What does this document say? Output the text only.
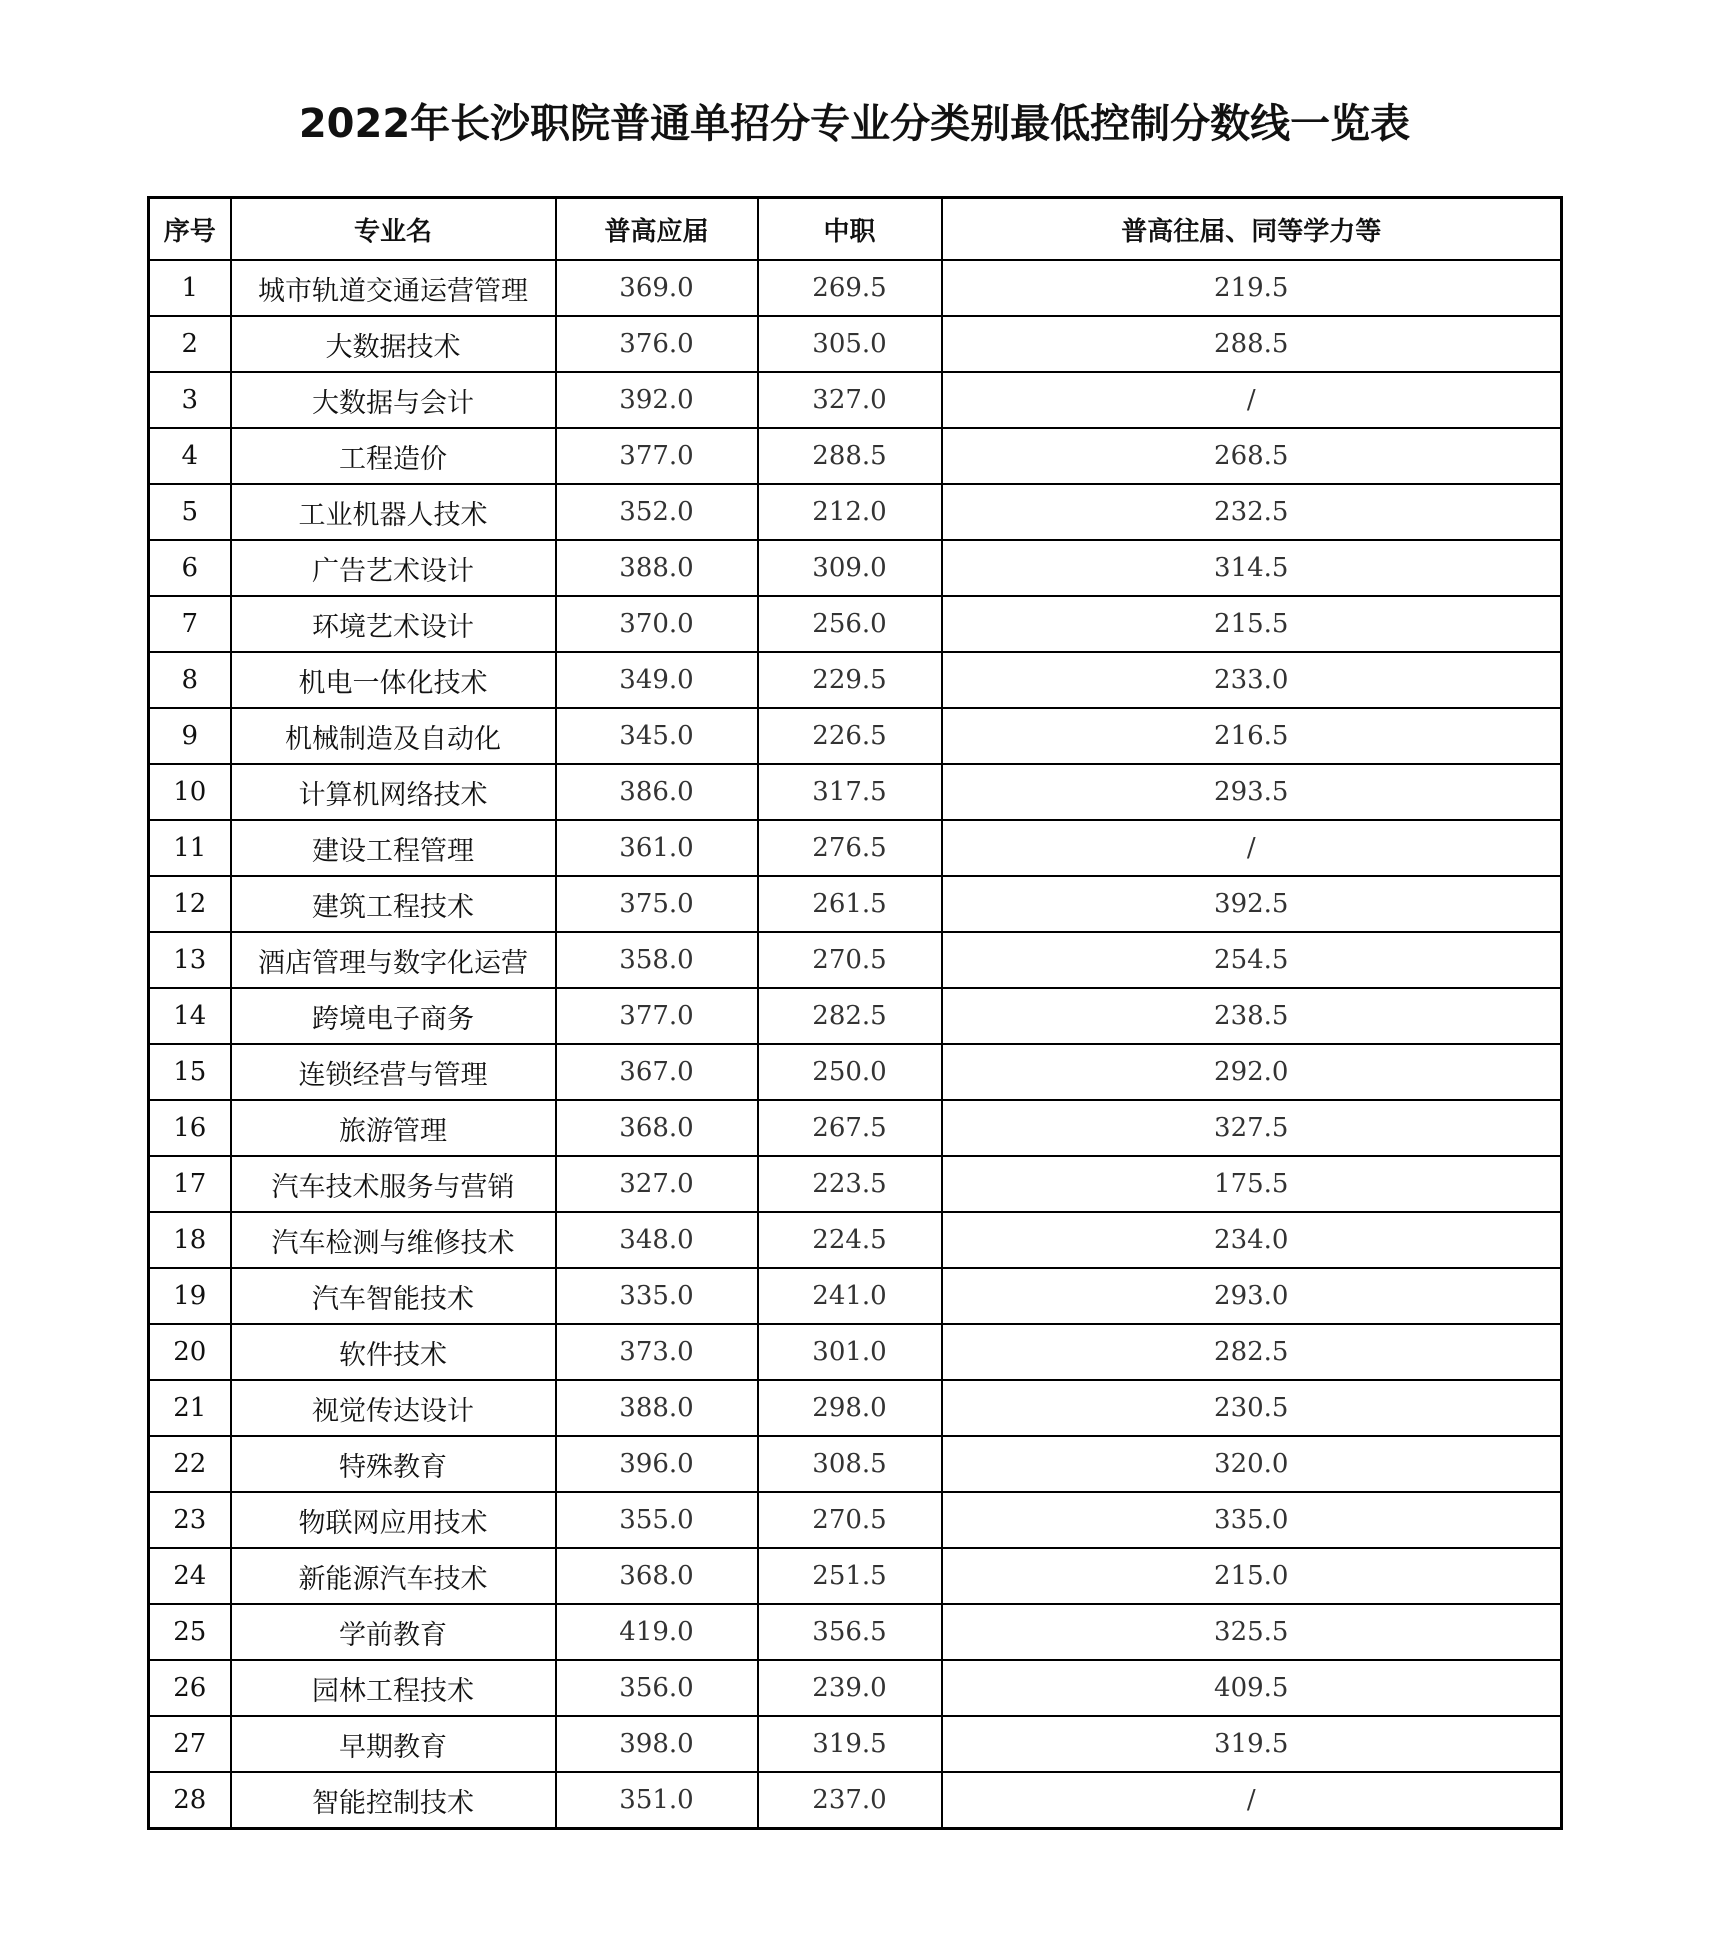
2022年长沙职院普通单招分专业分类别最低控制分数线一览表
序号	专业名	普高应届	中职	普高往届、同等学力等
1	城市轨道交通运营管理	369.0	269.5	219.5
2	大数据技术	376.0	305.0	288.5
3	大数据与会计	392.0	327.0	/
4	工程造价	377.0	288.5	268.5
5	工业机器人技术	352.0	212.0	232.5
6	广告艺术设计	388.0	309.0	314.5
7	环境艺术设计	370.0	256.0	215.5
8	机电一体化技术	349.0	229.5	233.0
9	机械制造及自动化	345.0	226.5	216.5
10	计算机网络技术	386.0	317.5	293.5
11	建设工程管理	361.0	276.5	/
12	建筑工程技术	375.0	261.5	392.5
13	酒店管理与数字化运营	358.0	270.5	254.5
14	跨境电子商务	377.0	282.5	238.5
15	连锁经营与管理	367.0	250.0	292.0
16	旅游管理	368.0	267.5	327.5
17	汽车技术服务与营销	327.0	223.5	175.5
18	汽车检测与维修技术	348.0	224.5	234.0
19	汽车智能技术	335.0	241.0	293.0
20	软件技术	373.0	301.0	282.5
21	视觉传达设计	388.0	298.0	230.5
22	特殊教育	396.0	308.5	320.0
23	物联网应用技术	355.0	270.5	335.0
24	新能源汽车技术	368.0	251.5	215.0
25	学前教育	419.0	356.5	325.5
26	园林工程技术	356.0	239.0	409.5
27	早期教育	398.0	319.5	319.5
28	智能控制技术	351.0	237.0	/
